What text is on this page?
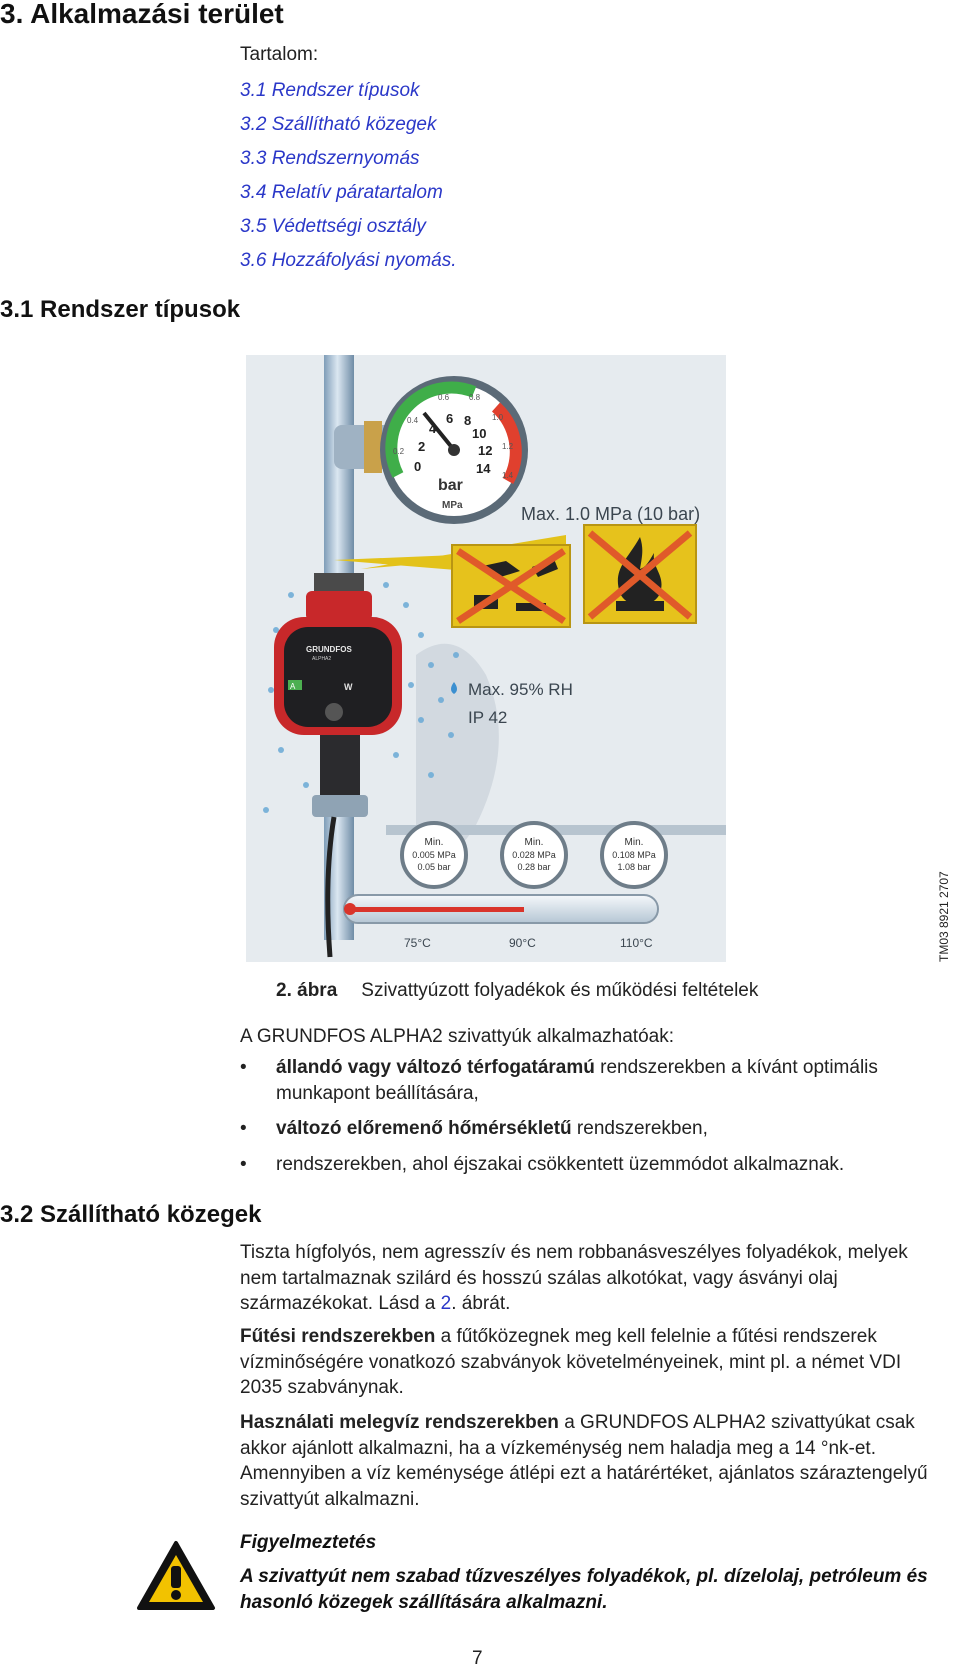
3. Alkalmazási terület
Tartalom:
3.1 Rendszer típusok
3.2 Szállítható közegek
3.3 Rendszernyomás
3.4 Relatív páratartalom
3.5 Védettségi osztály
3.6 Hozzáfolyási nyomás.
3.1 Rendszer típusok
0.6 0.8
0.4	1.0
0.2
1.2
1.4
4
6 8
10
2	12
0	14
bar
MPa	Max. 1.0 MPa (10 bar)
GRUNDFOS
ALPHA2
A	W	Max. 95% RH
IP 42
Min.
0.005 MPa
0.05 bar
Min.
0.028 MPa
0.28 bar
Min.
0.108 MPa
1.08 bar
75°C	90°C	110°C	TM03 8921 2707
2. ábra Szivattyúzott folyadékok és működési feltételek
A GRUNDFOS ALPHA2 szivattyúk alkalmazhatóak:
• állandó vagy változó térfogatáramú rendszerekben a kívánt optimális munkapont beállítására,
• változó előremenő hőmérsékletű rendszerekben,
• rendszerekben, ahol éjszakai csökkentett üzemmódot alkalmaznak.
3.2 Szállítható közegek
Tiszta hígfolyós, nem agresszív és nem robbanásveszélyes folyadékok, melyek nem tartalmaznak szilárd és hosszú szálas alkotókat, vagy ásványi olaj származékokat. Lásd a 2. ábrát.
Fűtési rendszerekben a fűtőközegnek meg kell felelnie a fűtési rendszerek vízminőségére vonatkozó szabványok követelményeinek, mint pl. a német VDI 2035 szabványnak.
Használati melegvíz rendszerekben a GRUNDFOS ALPHA2 szivattyúkat csak akkor ajánlott alkalmazni, ha a vízkeménység nem haladja meg a 14 °nk-et. Amennyiben a víz keménysége átlépi ezt a határértéket, ajánlatos száraztengelyű szivattyút alkalmazni.
Figyelmeztetés
A szivattyút nem szabad tűzveszélyes folyadékok, pl. dízelolaj, petróleum és hasonló közegek szállítására alkalmazni.
7
